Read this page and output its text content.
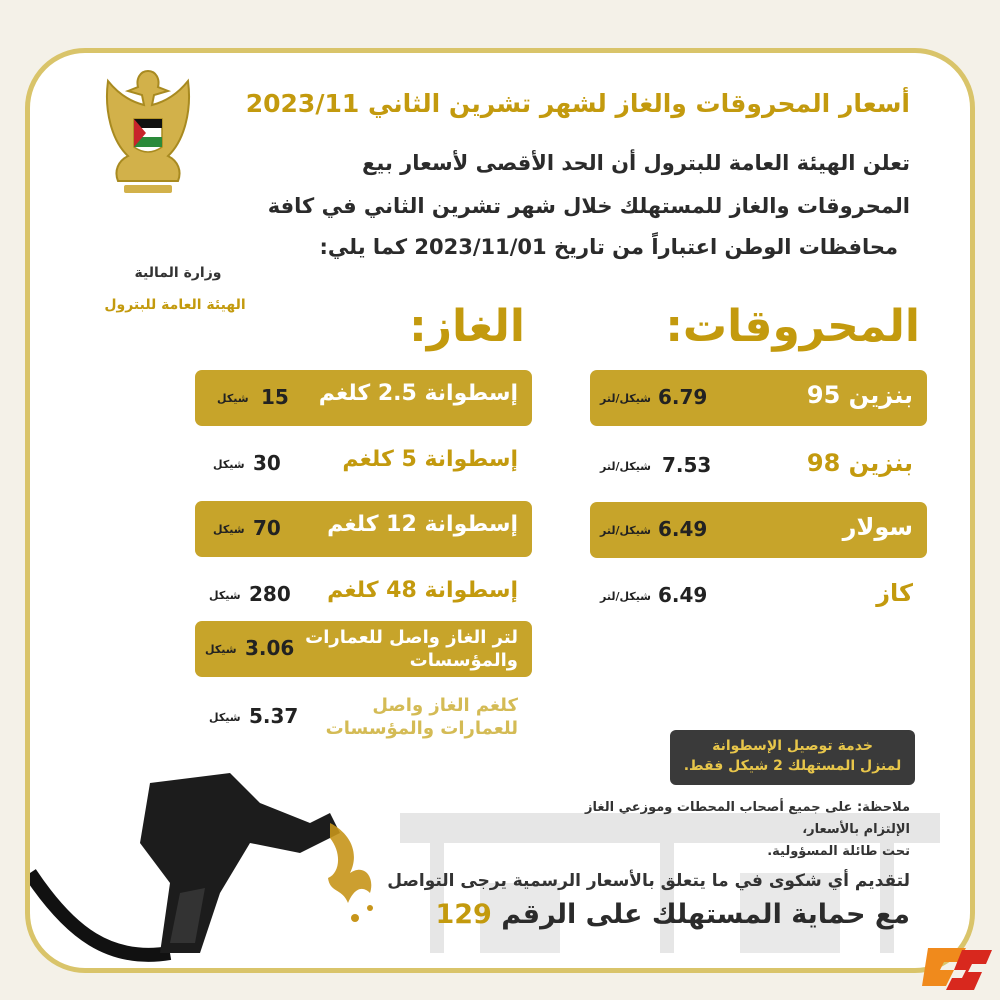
وزارة المالية
الهيئة العامة للبترول
أسعار المحروقات والغاز لشهر تشرين الثاني 2023/11
تعلن الهيئة العامة للبترول أن الحد الأقصى لأسعار بيع
المحروقات والغاز للمستهلك خلال شهر تشرين الثاني في كافة
محافظات الوطن اعتباراً من تاريخ 2023/11/01 كما يلي:
المحروقات:
الغاز:
بنزين 95
6.79
شيكل/لتر
بنزين 98
7.53
شيكل/لتر
سولار
6.49
شيكل/لتر
كاز
6.49
شيكل/لتر
إسطوانة 2.5 كلغم
15
شيكل
إسطوانة 5 كلغم
30
شيكل
إسطوانة 12 كلغم
70
شيكل
إسطوانة 48 كلغم
280
شيكل
لتر الغاز واصل للعمارات والمؤسسات
3.06
شيكل
كلغم الغاز واصل للعمارات والمؤسسات
5.37
شيكل
خدمة توصيل الإسطوانة
لمنزل المستهلك 2 شيكل فقط.
ملاحظة: على جميع أصحاب المحطات وموزعي الغاز الإلتزام بالأسعار،
تحت طائلة المسؤولية.
لتقديم أي شكوى في ما يتعلق بالأسعار الرسمية يرجى التواصل
مع حماية المستهلك على الرقم 129
